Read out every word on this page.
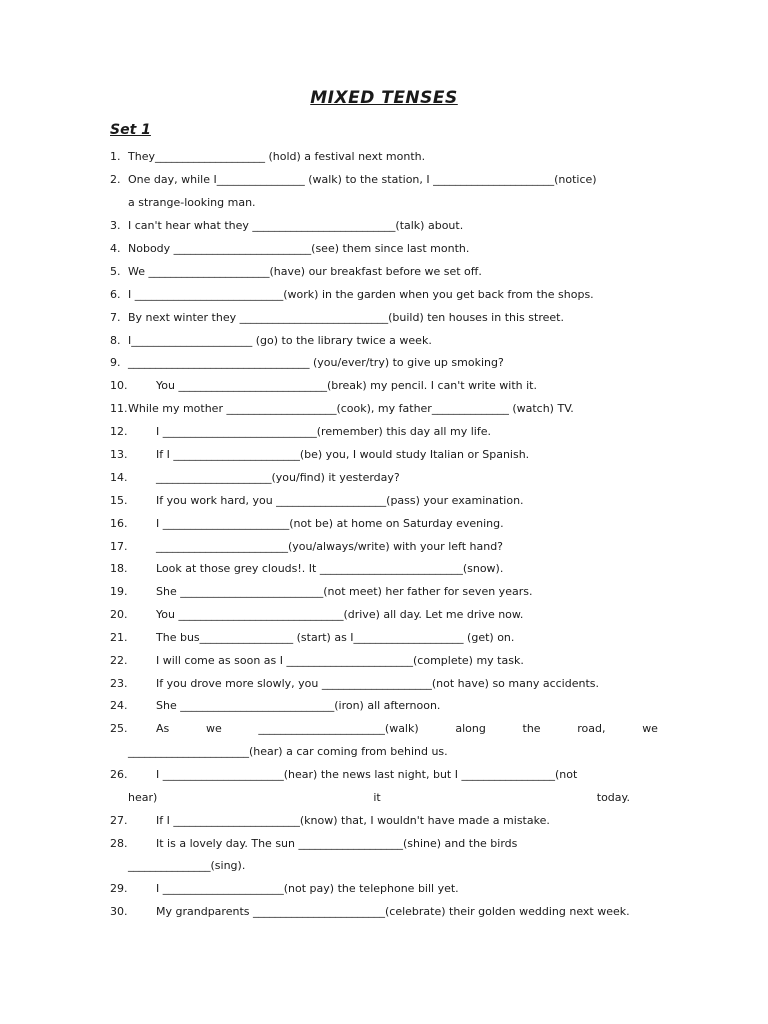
MIXED TENSES
Set 1
1. They____________________ (hold) a festival next month.
2. One day, while I________________ (walk) to the station, I ______________________(notice)
a strange-looking man.
3. I can't hear what they __________________________(talk) about.
4. Nobody _________________________(see) them since last month.
5. We ______________________(have) our breakfast before we set off.
6. I ___________________________(work) in the garden when you get back from the shops.
7. By next winter they ___________________________(build) ten houses in this street.
8. I______________________ (go) to the library twice a week.
9. _________________________________ (you/ever/try) to give up smoking?
10.	You ___________________________(break) my pencil. I can't write with it.
11. While my mother ____________________(cook), my father______________ (watch) TV.
12.	I ____________________________(remember) this day all my life.
13.	If I _______________________(be) you, I would study Italian or Spanish.
14.	_____________________(you/find) it yesterday?
15.	If you work hard, you ____________________(pass) your examination.
16.	I _______________________(not be) at home on Saturday evening.
17.	________________________(you/always/write) with your left hand?
18.	Look at those grey clouds!. It __________________________(snow).
19.	She __________________________(not meet) her father for seven years.
20.	You ______________________________(drive) all day. Let me drive now.
21.	The bus_________________ (start) as I____________________ (get) on.
22.	I will come as soon as I _______________________(complete) my task.
23.	If you drove more slowly, you ____________________(not have) so many accidents.
24.	She ____________________________(iron) all afternoon.
25.	As	we	_______________________(walk)	along	the	road,	we
______________________(hear) a car coming from behind us.
26.	I ______________________(hear) the news last night, but I _________________(not
hear)	it	today.
27.	If I _______________________(know) that, I wouldn't have made a mistake.
28.	It is a lovely day. The sun ___________________(shine) and the birds
_______________(sing).
29.	I ______________________(not pay) the telephone bill yet.
30.	My grandparents ________________________(celebrate) their golden wedding next week.
